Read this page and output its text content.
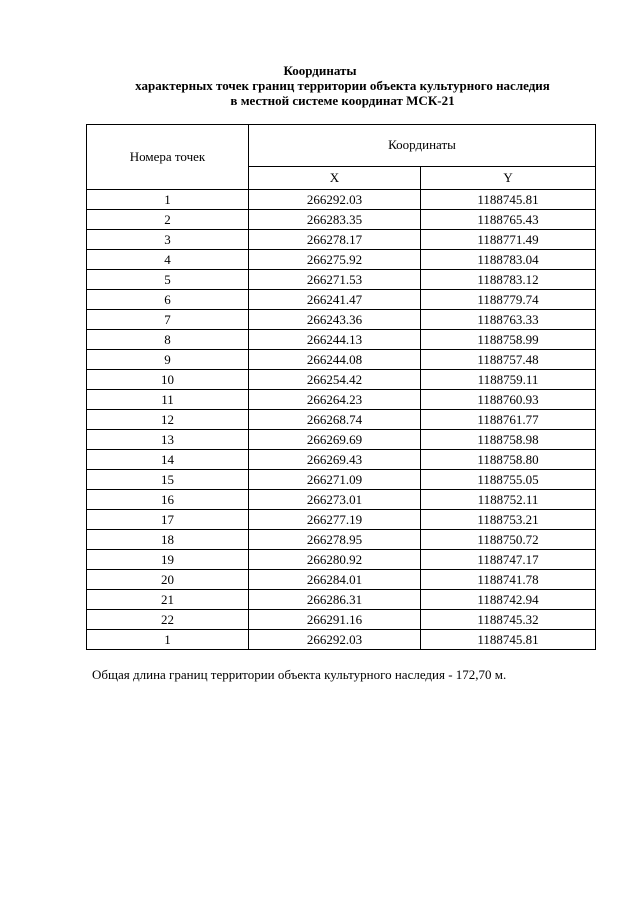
Координаты
характерных точек границ территории объекта культурного наследия
в местной системе координат МСК-21
Номера точек	Координаты	
	X	Y
1	266292.03	1188745.81
2	266283.35	1188765.43
3	266278.17	1188771.49
4	266275.92	1188783.04
5	266271.53	1188783.12
6	266241.47	1188779.74
7	266243.36	1188763.33
8	266244.13	1188758.99
9	266244.08	1188757.48
10	266254.42	1188759.11
11	266264.23	1188760.93
12	266268.74	1188761.77
13	266269.69	1188758.98
14	266269.43	1188758.80
15	266271.09	1188755.05
16	266273.01	1188752.11
17	266277.19	1188753.21
18	266278.95	1188750.72
19	266280.92	1188747.17
20	266284.01	1188741.78
21	266286.31	1188742.94
22	266291.16	1188745.32
1	266292.03	1188745.81
Общая длина границ территории объекта культурного наследия - 172,70 м.
